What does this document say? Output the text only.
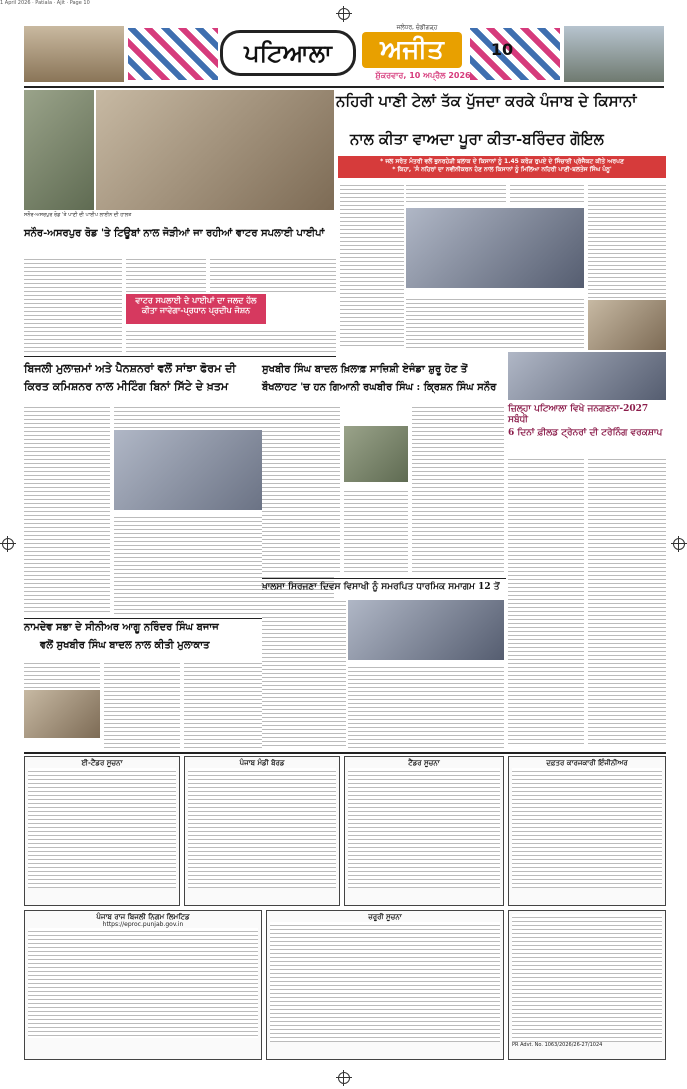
1 April 2026 · Patiala · Ajit · Page 10
ਪਟਿਆਲਾ
ਜਲੰਧਰ, ਚੰਡੀਗੜ੍ਹ
ਅਜੀਤ
ਸ਼ੁੱਕਰਵਾਰ, 10 ਅਪ੍ਰੈਲ 2026
10
ਨਹਿਰੀ ਪਾਣੀ ਟੇਲਾਂ ਤੱਕ ਪੁੱਜਦਾ ਕਰਕੇ ਪੰਜਾਬ ਦੇ ਕਿਸਾਨਾਂ
ਨਾਲ ਕੀਤਾ ਵਾਅਦਾ ਪੂਰਾ ਕੀਤਾ-ਬਰਿੰਦਰ ਗੋਇਲ
* ਜਲ ਸਰੋਤ ਮੰਤਰੀ ਵਲੋਂ ਭੁਨਰਹੇੜੀ ਬਲਾਕ ਦੇ ਕਿਸਾਨਾਂ ਨੂੰ 1.45 ਕਰੋੜ ਰੁਪਏ ਦੇ ਸਿੰਚਾਈ ਪ੍ਰੋਜੈਕਟ ਕੀਤੇ ਅਰਪਣ
* ਕਿਹਾ, 'ਸੰ ਨਹਿਰਾਂ ਦਾ ਨਵੀਨੀਕਰਨ ਹੋਣ ਨਾਲ ਕਿਸਾਨਾਂ ਨੂੰ ਮਿਲਿਆ ਨਹਿਰੀ ਪਾਣੀ-ਬਲਤੇਜ ਸਿੰਘ ਪੰਨੂ'
ਸਨੌਰ-ਅਸਰਪੁਰ ਰੋਡ 'ਤੇ ਪਾਣੀ ਦੀ ਪਾਈਪ ਲਾਈਨ ਦੀ ਹਾਲਤ
ਸਨੌਰ-ਅਸਰਪੁਰ ਰੋਡ 'ਤੇ ਟਿਊਬਾਂ ਨਾਲ ਜੋੜੀਆਂ ਜਾ ਰਹੀਆਂ ਵਾਟਰ ਸਪਲਾਈ ਪਾਈਪਾਂ
ਵਾਟਰ ਸਪਲਾਈ ਦੇ ਪਾਈਪਾਂ ਦਾ ਜਲਦ ਹੱਲ ਕੀਤਾ ਜਾਵੇਗਾ-ਪ੍ਰਧਾਨ ਪ੍ਰਦੀਪ ਜੋਸ਼ਨ
ਬਿਜਲੀ ਮੁਲਾਜ਼ਮਾਂ ਅਤੇ ਪੈਨਸ਼ਨਰਾਂ ਵਲੋਂ ਸਾਂਝਾ ਫੋਰਮ ਦੀ
ਕਿਰਤ ਕਮਿਸ਼ਨਰ ਨਾਲ ਮੀਟਿੰਗ ਬਿਨਾਂ ਸਿੱਟੇ ਦੇ ਖ਼ਤਮ
ਨਾਮਦੇਵ ਸਭਾ ਦੇ ਸੀਨੀਅਰ ਆਗੂ ਨਰਿੰਦਰ ਸਿੰਘ ਬਜਾਜ
ਵਲੋਂ ਸੁਖਬੀਰ ਸਿੰਘ ਬਾਦਲ ਨਾਲ ਕੀਤੀ ਮੁਲਾਕਾਤ
ਸੁਖਬੀਰ ਸਿੰਘ ਬਾਦਲ ਖ਼ਿਲਾਫ਼ ਸਾਜ਼ਿਸ਼ੀ ਏਜੰਡਾ ਸ਼ੁਰੂ ਹੋਣ ਤੋਂ
ਬੌਖਲਾਹਟ 'ਚ ਹਨ ਗਿਆਨੀ ਰਘਬੀਰ ਸਿੰਘ : ਕ੍ਰਿਸ਼ਨ ਸਿੰਘ ਸਨੌਰ
ਖ਼ਾਲਸਾ ਸਿਰਜਣਾ ਦਿਵਸ ਵਿਸਾਖੀ ਨੂੰ ਸਮਰਪਿਤ ਧਾਰਮਿਕ ਸਮਾਗਮ 12 ਤੋਂ
ਜ਼ਿਲ੍ਹਾ ਪਟਿਆਲਾ ਵਿਖੇ ਜਨਗਣਨਾ-2027 ਸਬੰਧੀ
6 ਦਿਨਾਂ ਫ਼ੀਲਡ ਟ੍ਰੇਨਰਾਂ ਦੀ ਟਰੇਨਿੰਗ ਵਰਕਸ਼ਾਪ
ਈ-ਟੈਂਡਰ ਸੂਚਨਾ	ਪੰਜਾਬ ਮੰਡੀ ਬੋਰਡ	ਟੈਂਡਰ ਸੂਚਨਾ	ਦਫ਼ਤਰ ਕਾਰਜਕਾਰੀ ਇੰਜੀਨੀਅਰ
ਪੰਜਾਬ ਰਾਜ ਬਿਜਲੀ ਨਿਗਮ ਲਿਮਟਿਡ
https://eproc.punjab.gov.in
ਜ਼ਰੂਰੀ ਸੂਚਨਾ
PR Advt. No. 1063/2026/26-27/1024
